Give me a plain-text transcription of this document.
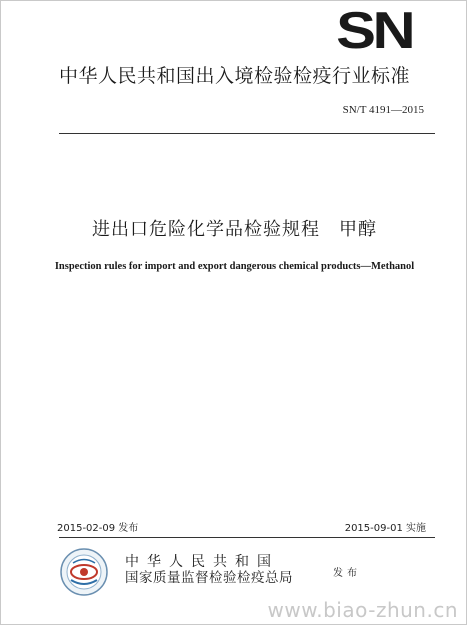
SN
中华人民共和国出入境检验检疫行业标准
SN/T 4191—2015
进出口危险化学品检验规程　甲醇
Inspection rules for import and export dangerous chemical products—Methanol
2015-02-09 发布	2015-09-01 实施
中华人民共和国
国家质量监督检验检疫总局	发布
www.biao-zhun.cn
